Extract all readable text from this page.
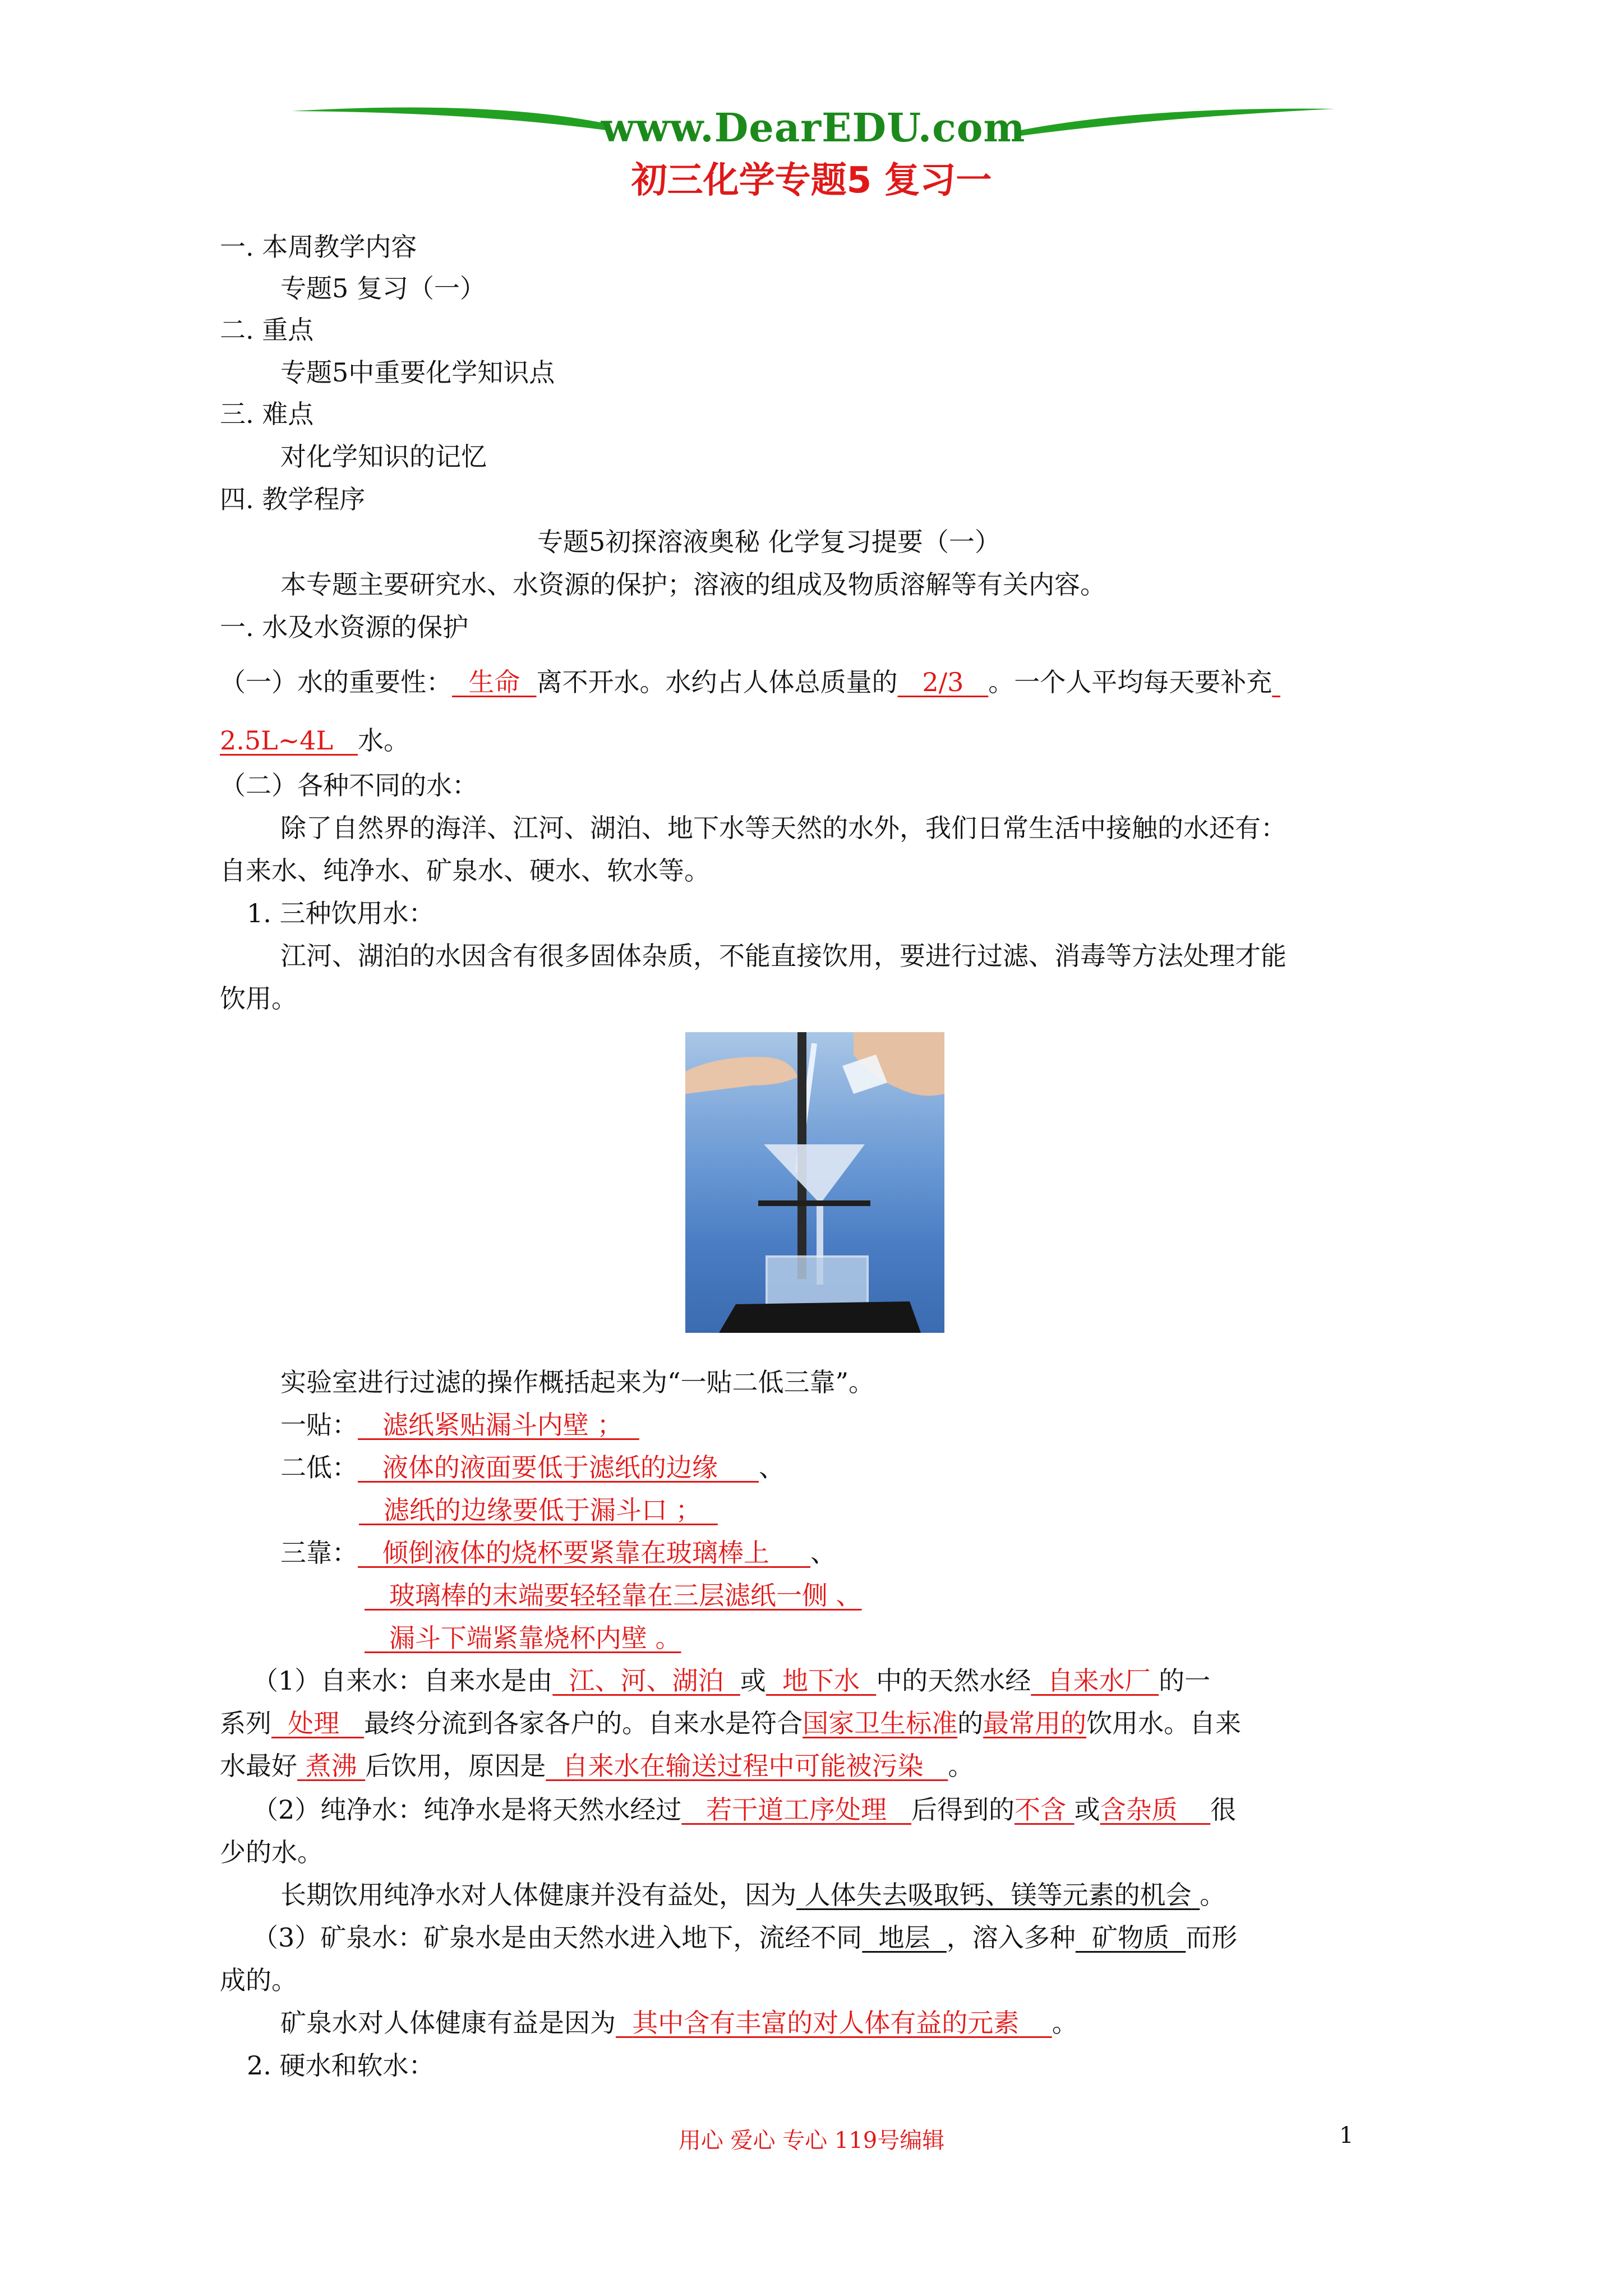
www.DearEDU.com
初三化学专题5 复习一
一. 本周教学内容
专题5 复习（一）
二. 重点
专题5中重要化学知识点
三. 难点
对化学知识的记忆
四. 教学程序
专题5初探溶液奥秘 化学复习提要（一）
本专题主要研究水、水资源的保护；溶液的组成及物质溶解等有关内容。
一. 水及水资源的保护
（一）水的重要性： 生命 离不开水。水约占人体总质量的 2/3 。一个人平均每天要补充
2.5L~4L 水。
（二）各种不同的水：
除了自然界的海洋、江河、湖泊、地下水等天然的水外，我们日常生活中接触的水还有：
自来水、纯净水、矿泉水、硬水、软水等。
1. 三种饮用水：
江河、湖泊的水因含有很多固体杂质，不能直接饮用，要进行过滤、消毒等方法处理才能
饮用。
实验室进行过滤的操作概括起来为“一贴二低三靠”。
一贴： 滤纸紧贴漏斗内壁 ；
二低： 液体的液面要低于滤纸的边缘 、
滤纸的边缘要低于漏斗口 ；
三靠： 倾倒液体的烧杯要紧靠在玻璃棒上 、
玻璃棒的末端要轻轻靠在三层滤纸一侧 、
漏斗下端紧靠烧杯内壁 。
（1）自来水：自来水是由 江、河、湖泊 或 地下水 中的天然水经 自来水厂 的一
系列 处理 最终分流到各家各户的。自来水是符合国家卫生标准的最常用的饮用水。自来
水最好 煮沸 后饮用，原因是 自来水在输送过程中可能被污染 。
（2）纯净水：纯净水是将天然水经过 若干道工序处理 后得到的不含 或含杂质 很
少的水。
长期饮用纯净水对人体健康并没有益处，因为 人体失去吸取钙、镁等元素的机会 。
（3）矿泉水：矿泉水是由天然水进入地下，流经不同 地层 ，溶入多种 矿物质 而形
成的。
矿泉水对人体健康有益是因为 其中含有丰富的对人体有益的元素 。
2. 硬水和软水：
用心 爱心 专心 119号编辑	1
